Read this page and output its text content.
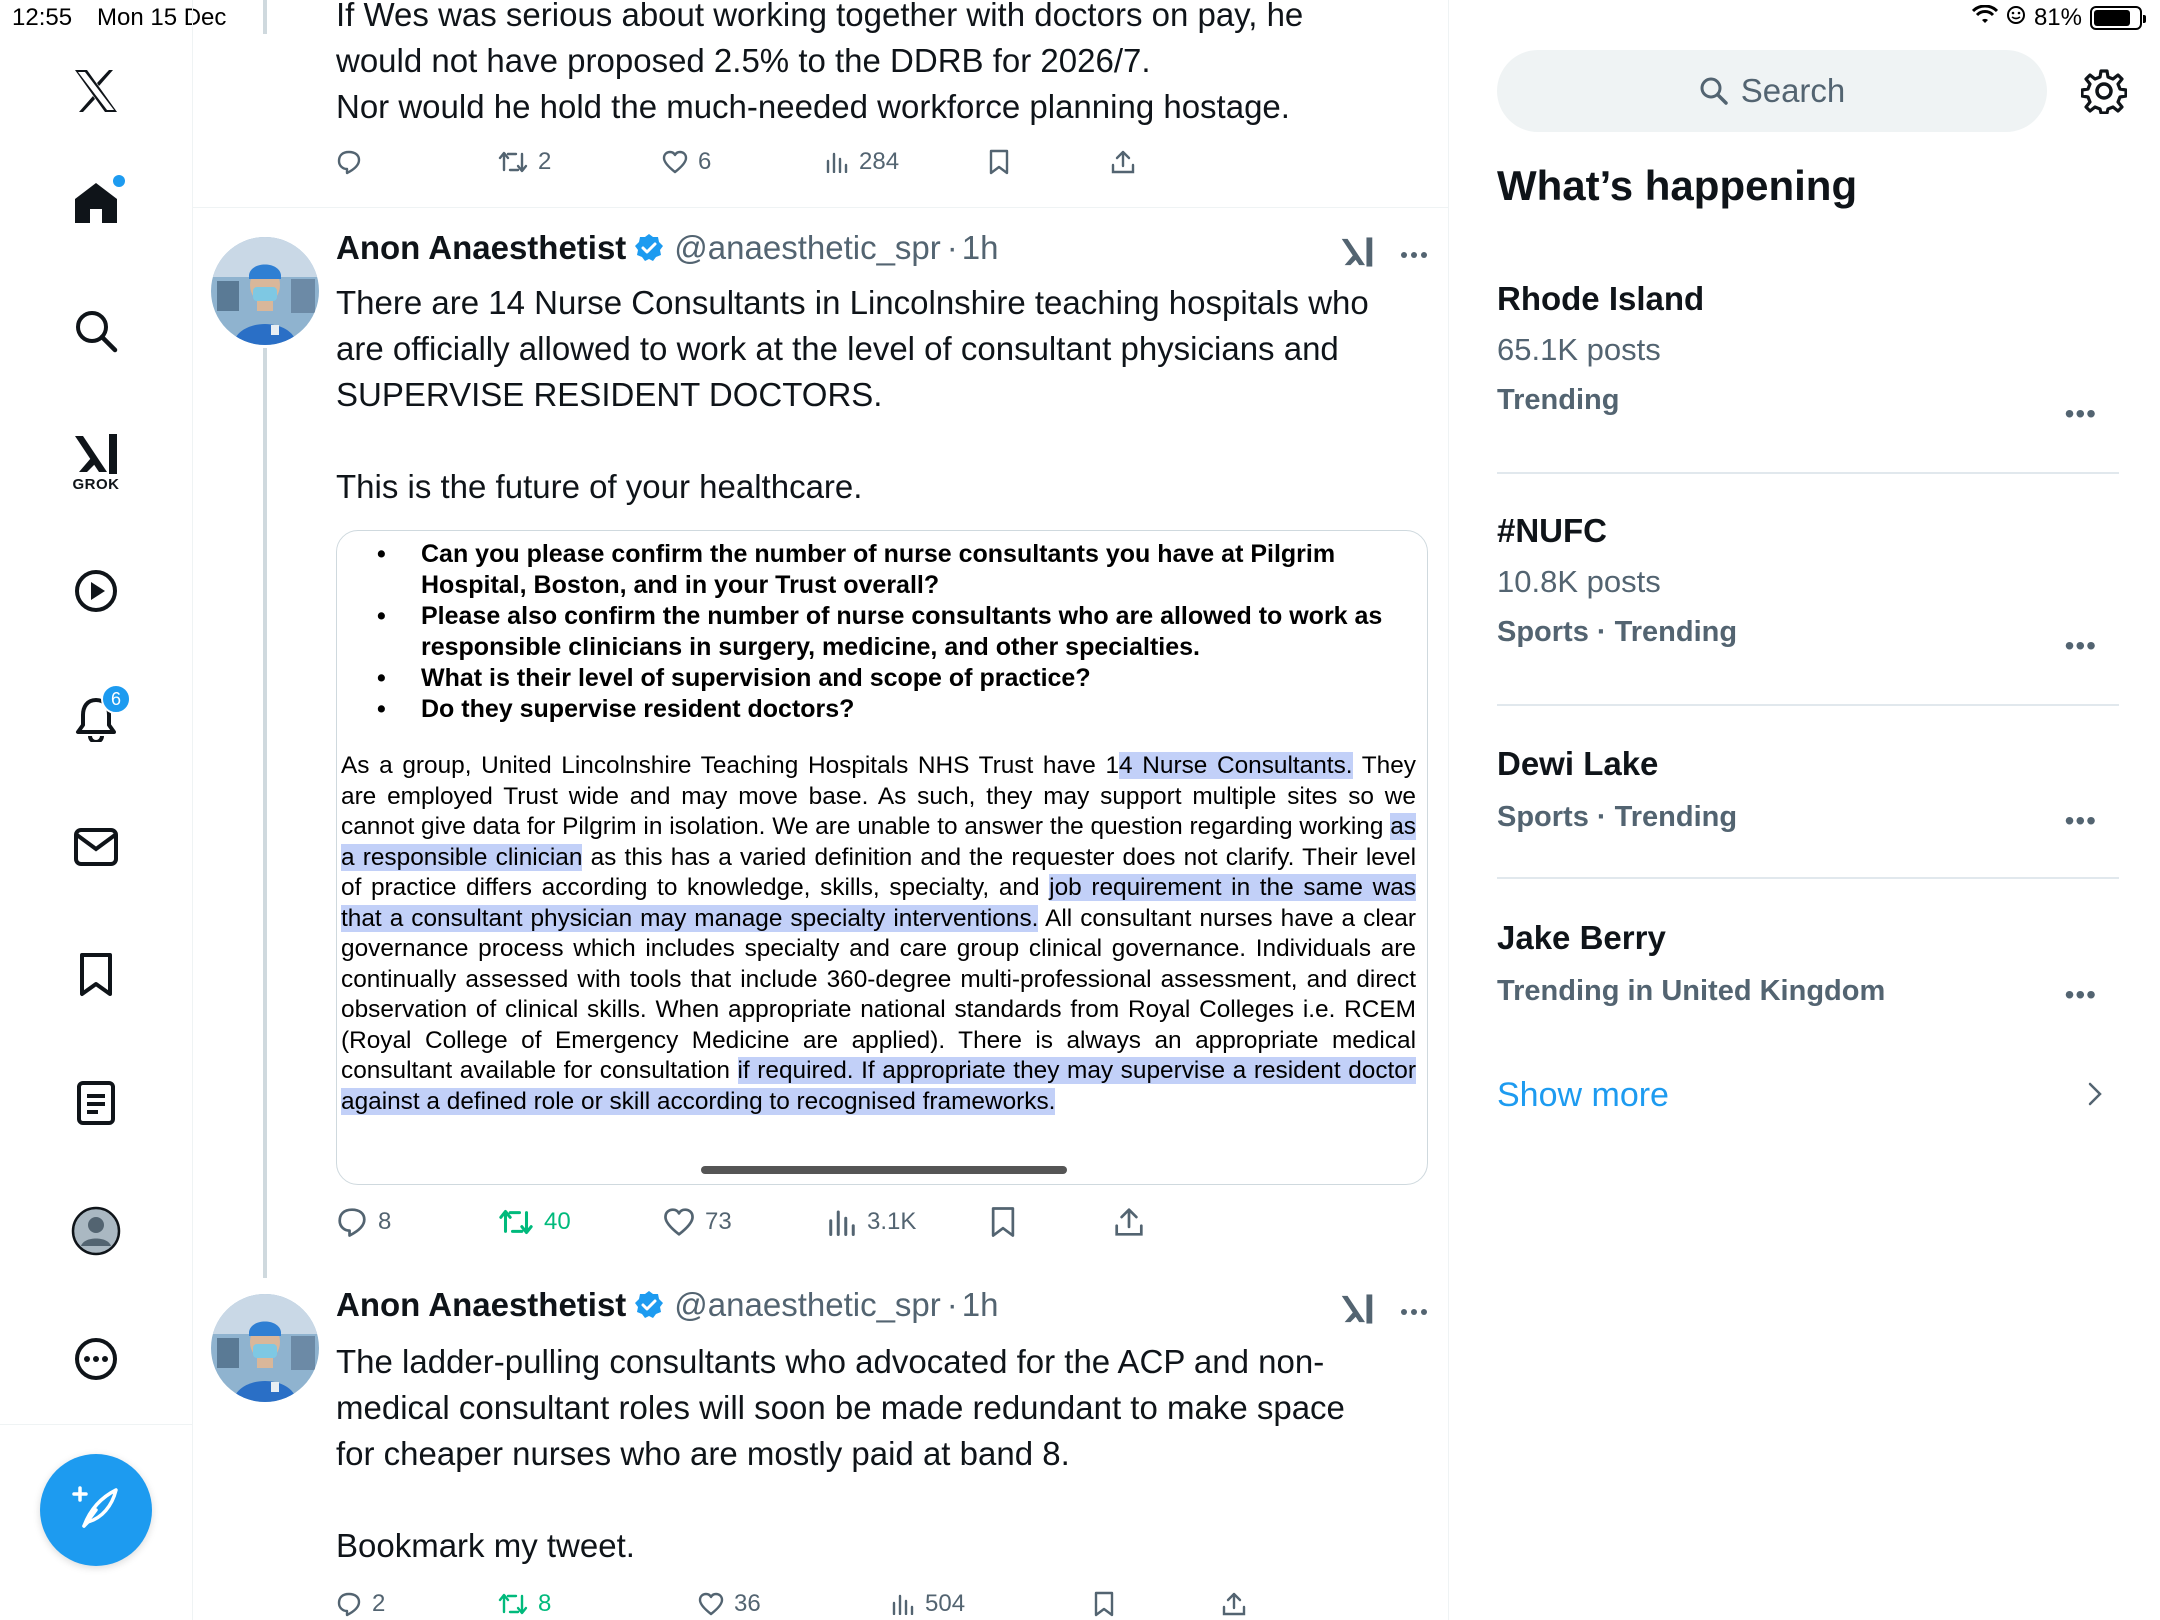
12:55 Mon 15 Dec	81%
GROK
6
If Wes was serious about working together with doctors on pay, he
would not have proposed 2.5% to the DDRB for 2026/7.
Nor would he hold the much-needed workforce planning hostage.
2	6	284
Anon Anaesthetist @anaesthetic_spr · 1h
There are 14 Nurse Consultants in Lincolnshire teaching hospitals who
are officially allowed to work at the level of consultant physicians and
SUPERVISE RESIDENT DOCTORS.
This is the future of your healthcare.
• Can you please confirm the number of nurse consultants you have at Pilgrim Hospital, Boston, and in your Trust overall?
• Please also confirm the number of nurse consultants who are allowed to work as responsible clinicians in surgery, medicine, and other specialties.
• What is their level of supervision and scope of practice?
• Do they supervise resident doctors?
As a group, United Lincolnshire Teaching Hospitals NHS Trust have 14 Nurse Consultants. They are employed Trust wide and may move base. As such, they may support multiple sites so we cannot give data for Pilgrim in isolation. We are unable to answer the question regarding working as a responsible clinician as this has a varied definition and the requester does not clarify. Their level of practice differs according to knowledge, skills, specialty, and job requirement in the same was that a consultant physician may manage specialty interventions. All consultant nurses have a clear governance process which includes specialty and care group clinical governance. Individuals are continually assessed with tools that include 360-degree multi-professional assessment, and direct observation of clinical skills. When appropriate national standards from Royal Colleges i.e. RCEM (Royal College of Emergency Medicine are applied). There is always an appropriate medical consultant available for consultation if required. If appropriate they may supervise a resident doctor against a defined role or skill according to recognised frameworks.
8	40	73	3.1K
Anon Anaesthetist @anaesthetic_spr · 1h
The ladder-pulling consultants who advocated for the ACP and non-
medical consultant roles will soon be made redundant to make space
for cheaper nurses who are mostly paid at band 8.
Bookmark my tweet.
2	8	36	504
Search
What’s happening
Rhode Island
65.1K posts
Trending	•••
#NUFC
10.8K posts
Sports · Trending	•••
Dewi Lake
Sports · Trending	•••
Jake Berry
Trending in United Kingdom	•••
Show more
